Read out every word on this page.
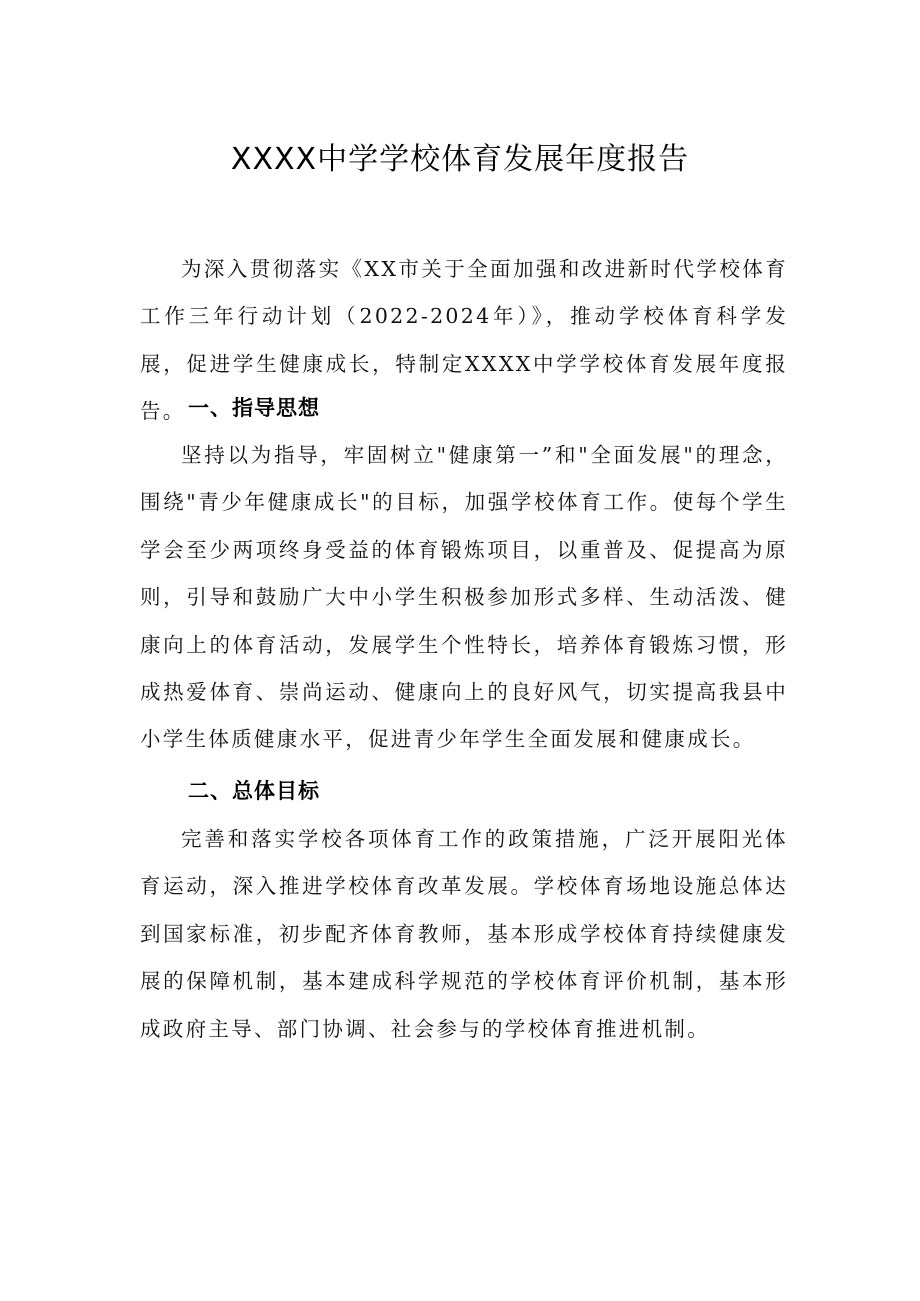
XXXX中学学校体育发展年度报告

为深入贯彻落实《XX市关于全面加强和改进新时代学校体育工作三年行动计划（2022-2024年）》，推动学校体育科学发展，促进学生健康成长，特制定XXXX中学学校体育发展年度报告。 一、指导思想

坚持以为指导，牢固树立"健康第一”和"全面发展"的理念，围绕"青少年健康成长"的目标，加强学校体育工作。使每个学生学会至少两项终身受益的体育锻炼项目，以重普及、促提高为原则，引导和鼓励广大中小学生积极参加形式多样、生动活泼、健康向上的体育活动，发展学生个性特长，培养体育锻炼习惯，形成热爱体育、崇尚运动、健康向上的良好风气，切实提高我县中小学生体质健康水平，促进青少年学生全面发展和健康成长。

二、总体目标

完善和落实学校各项体育工作的政策措施，广泛开展阳光体育运动，深入推进学校体育改革发展。学校体育场地设施总体达到国家标准，初步配齐体育教师，基本形成学校体育持续健康发展的保障机制，基本建成科学规范的学校体育评价机制，基本形成政府主导、部门协调、社会参与的学校体育推进机制。
